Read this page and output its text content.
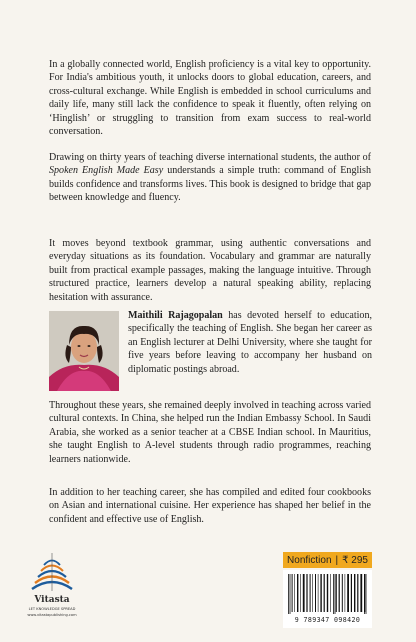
In a globally connected world, English proficiency is a vital key to opportunity. For India's ambitious youth, it unlocks doors to global education, careers, and cross-cultural exchange. While English is embedded in school curriculums and daily life, many still lack the confidence to speak it fluently, often relying on ‘Hinglish’ or struggling to transition from exam success to real-world conversation.

Drawing on thirty years of teaching diverse international students, the author of Spoken English Made Easy understands a simple truth: command of English builds confidence and transforms lives. This book is designed to bridge that gap between knowledge and fluency.

It moves beyond textbook grammar, using authentic conversations and everyday situations as its foundation. Vocabulary and grammar are naturally built from practical example passages, making the language intuitive. Through structured practice, learners develop a natural speaking ability, replacing hesitation with assurance.

Maithili Rajagopalan has devoted herself to education, specifically the teaching of English. She began her career as an English lecturer at Delhi University, where she taught for five years before leaving to accompany her husband on diplomatic postings abroad.

Throughout these years, she remained deeply involved in teaching across varied cultural contexts. In China, she helped run the Indian Embassy School. In Saudi Arabia, she worked as a senior teacher at a CBSE Indian school. In Mauritius, she taught English to A-level students through radio programmes, reaching learners nationwide.

In addition to her teaching career, she has compiled and edited four cookbooks on Asian and international cuisine. Her experience has shaped her belief in the confident and effective use of English.

Vitasta
LET KNOWLEDGE SPREAD
www.vitastapublishing.com
Nonfiction | ₹ 295
9 789347 098420
